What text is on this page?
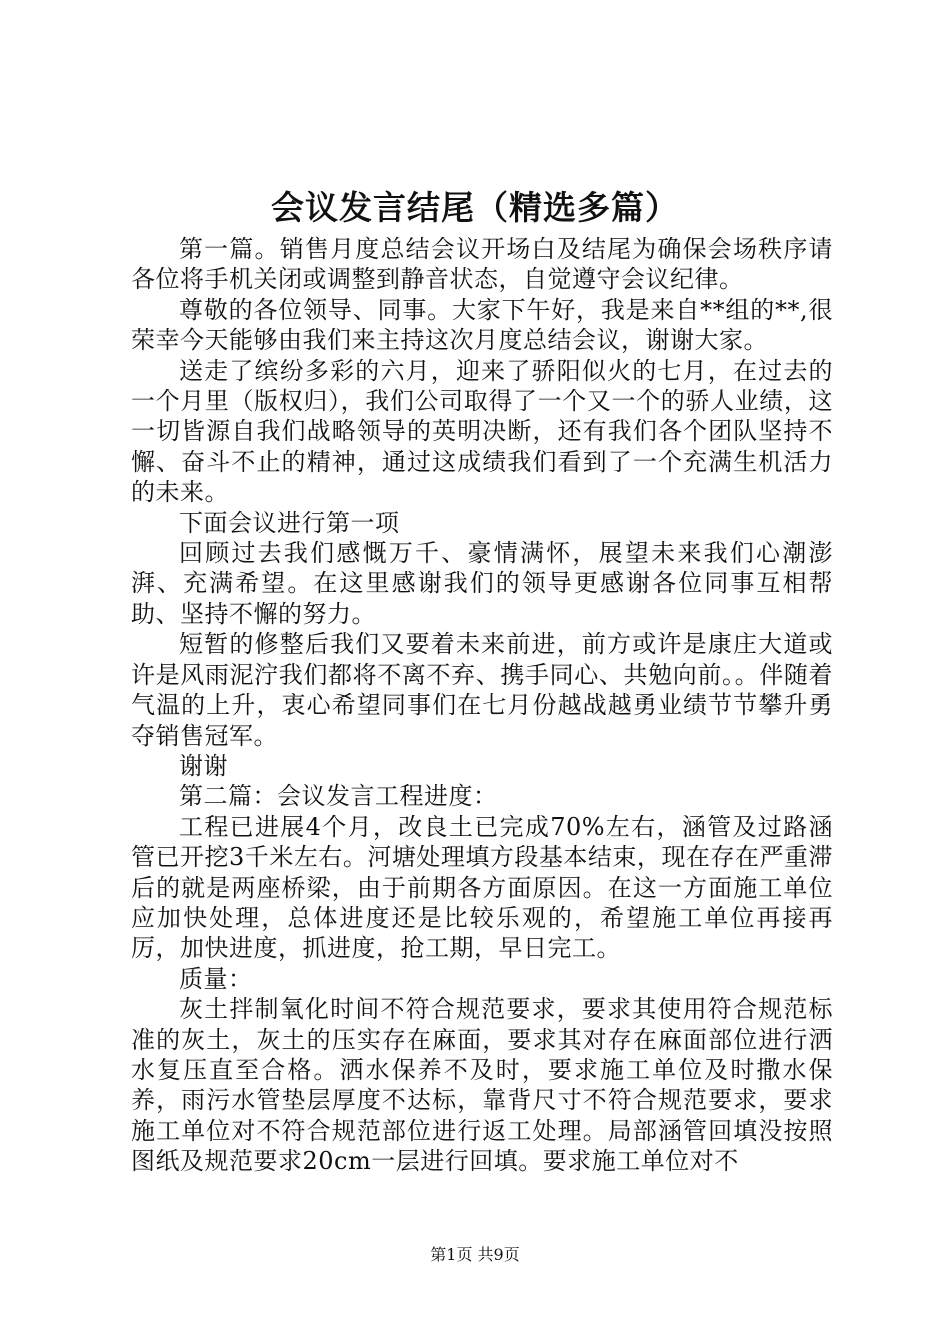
会议发言结尾（精选多篇）

第一篇。销售月度总结会议开场白及结尾为确保会场秩序请各位将手机关闭或调整到静音状态，自觉遵守会议纪律。

尊敬的各位领导、同事。大家下午好，我是来自**组的**,很荣幸今天能够由我们来主持这次月度总结会议，谢谢大家。

送走了缤纷多彩的六月，迎来了骄阳似火的七月，在过去的一个月里（版权归），我们公司取得了一个又一个的骄人业绩，这一切皆源自我们战略领导的英明决断，还有我们各个团队坚持不懈、奋斗不止的精神，通过这成绩我们看到了一个充满生机活力的未来。

下面会议进行第一项

回顾过去我们感慨万千、豪情满怀，展望未来我们心潮澎湃、充满希望。在这里感谢我们的领导更感谢各位同事互相帮助、坚持不懈的努力。

短暂的修整后我们又要着未来前进，前方或许是康庄大道或许是风雨泥泞我们都将不离不弃、携手同心、共勉向前。。伴随着气温的上升，衷心希望同事们在七月份越战越勇业绩节节攀升勇夺销售冠军。

谢谢

第二篇：会议发言工程进度：

工程已进展4个月，改良土已完成70%左右，涵管及过路涵管已开挖3千米左右。河塘处理填方段基本结束，现在存在严重滞后的就是两座桥梁，由于前期各方面原因。在这一方面施工单位应加快处理，总体进度还是比较乐观的，希望施工单位再接再厉，加快进度，抓进度，抢工期，早日完工。

质量：

灰土拌制氧化时间不符合规范要求，要求其使用符合规范标准的灰土，灰土的压实存在麻面，要求其对存在麻面部位进行洒水复压直至合格。洒水保养不及时，要求施工单位及时撒水保养，雨污水管垫层厚度不达标，靠背尺寸不符合规范要求，要求施工单位对不符合规范部位进行返工处理。局部涵管回填没按照图纸及规范要求20cm一层进行回填。要求施工单位对不

第1页 共9页
